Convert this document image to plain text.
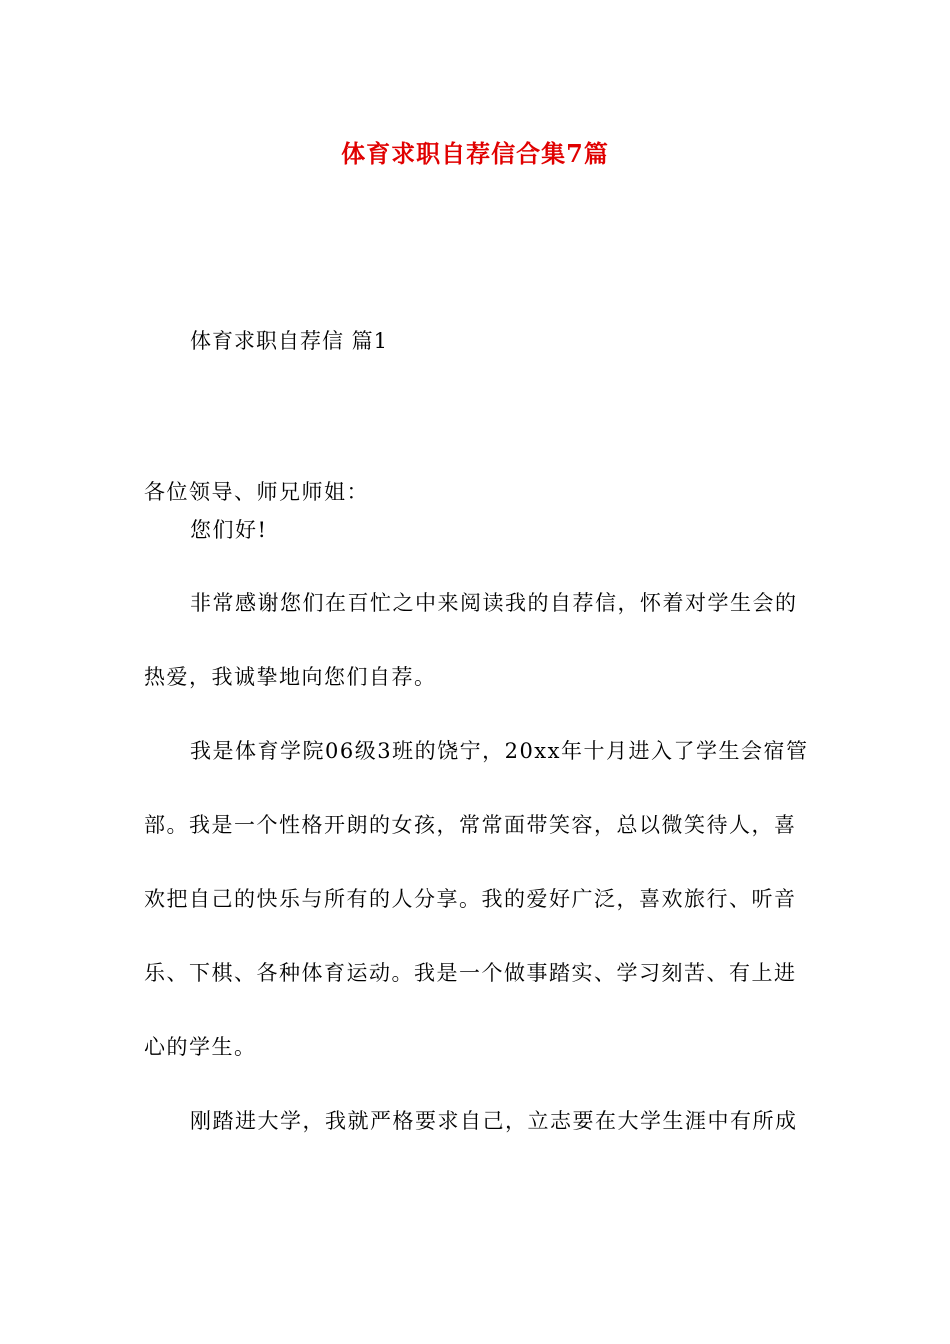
体育求职自荐信合集7篇
体育求职自荐信 篇1
各位领导、师兄师姐：
您们好!
非常感谢您们在百忙之中来阅读我的自荐信，怀着对学生会的
热爱，我诚挚地向您们自荐。
我是体育学院06级3班的饶宁，20xx年十月进入了学生会宿管
部。我是一个性格开朗的女孩，常常面带笑容，总以微笑待人，喜
欢把自己的快乐与所有的人分享。我的爱好广泛，喜欢旅行、听音
乐、下棋、各种体育运动。我是一个做事踏实、学习刻苦、有上进
心的学生。
刚踏进大学，我就严格要求自己，立志要在大学生涯中有所成
